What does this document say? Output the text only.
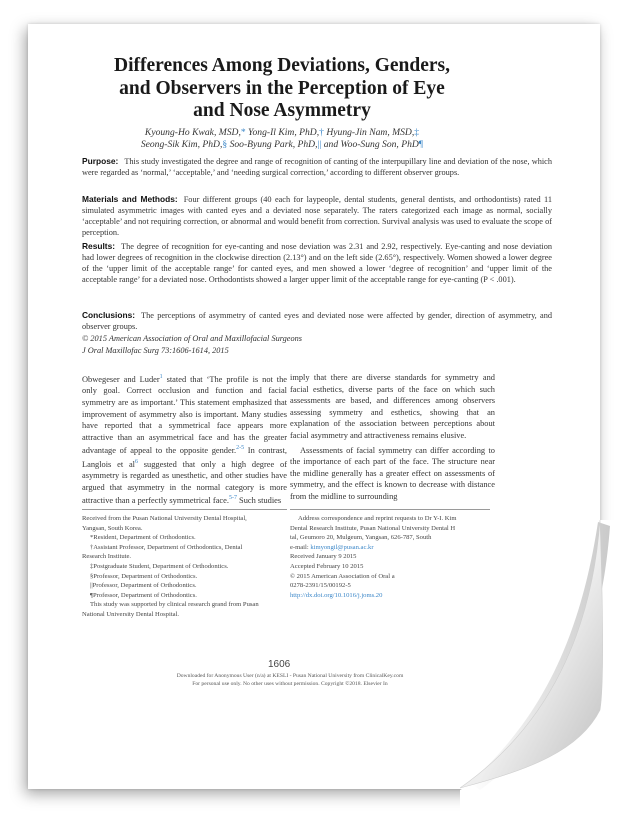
Differences Among Deviations, Genders,
and Observers in the Perception of Eye
and Nose Asymmetry
Kyoung-Ho Kwak, MSD,* Yong-Il Kim, PhD,† Hyung-Jin Nam, MSD,‡
Seong-Sik Kim, PhD,§ Soo-Byung Park, PhD,|| and Woo-Sung Son, PhD¶
Purpose: This study investigated the degree and range of recognition of canting of the interpupillary line and deviation of the nose, which were regarded as ‘normal,’ ‘acceptable,’ and ‘needing surgical correction,’ according to different observer groups.
Materials and Methods: Four different groups (40 each for laypeople, dental students, general dentists, and orthodontists) rated 11 simulated asymmetric images with canted eyes and a deviated nose separately. The raters categorized each image as normal, socially ‘acceptable’ and not requiring correction, or abnormal and would benefit from correction. Survival analysis was used to evaluate the scope of perception.
Results: The degree of recognition for eye-canting and nose deviation was 2.31 and 2.92, respectively. Eye-canting and nose deviation had lower degrees of recognition in the clockwise direction (2.13°) and on the left side (2.65°), respectively. Women showed a lower degree of the ‘upper limit of the acceptable range’ for canted eyes, and men showed a lower ‘degree of recognition’ and ‘upper limit of the acceptable range’ for a deviated nose. Orthodontists showed a larger upper limit of the acceptable range for eye-canting (P < .001).
Conclusions: The perceptions of asymmetry of canted eyes and deviated nose were affected by gender, direction of asymmetry, and observer groups.
© 2015 American Association of Oral and Maxillofacial Surgeons
J Oral Maxillofac Surg 73:1606-1614, 2015

Obwegeser and Luder$^1$ stated that ‘The profile is not the only goal. Correct occlusion and function and facial symmetry are as important.’ This statement emphasized that improvement of asymmetry also is important. Many studies have reported that a symmetrical face appears more attractive than an asymmetrical face and has the greater advantage of appeal to the opposite gender.$^{2-5}$ In contrast, Langlois et $al^6$ suggested that only a high degree of asymmetry is regarded as unesthetic, and other studies have argued that asymmetry in the normal category is more attractive than a perfectly symmetrical face.$^{5-7}$ Such studies

imply that there are diverse standards for symmetry and facial esthetics, diverse parts of the face on which such assessments are based, and differences among observers assessing symmetry and esthetics, showing that an explanation of the association between perceptions about facial asymmetry and attractiveness remains elusive.

Assessments of facial symmetry can differ according to the importance of each part of the face. The structure near the midline generally has a greater effect on assessments of symmetry, and the effect is known to decrease with distance from the midline to surrounding

Received from the Pusan National University Dental Hospital,
Yangsan, South Korea.
*Resident, Department of Orthodontics.
†Assistant Professor, Department of Orthodontics, Dental
Research Institute.
‡Postgraduate Student, Department of Orthodontics.
§Professor, Department of Orthodontics.
||Professor, Department of Orthodontics.
¶Professor, Department of Orthodontics.
This study was supported by clinical research grand from Pusan
National University Dental Hospital.
Address correspondence and reprint requests to Dr Y-I. Kim
Dental Research Institute, Pusan National University Dental H
tal, Geumoro 20, Mulgeum, Yangsan, 626-787, South
e-mail: kimyongil@pusan.ac.kr
Received January 9 2015
Accepted February 10 2015
© 2015 American Association of Oral a
0278-2391/15/00192-5
http://dx.doi.org/10.1016/j.joms.20
1606
Downloaded for Anonymous User (n/a) at KESLI - Pusan National University from ClinicalKey.com
For personal use only. No other uses without permission. Copyright ©2018. Elsevier In
